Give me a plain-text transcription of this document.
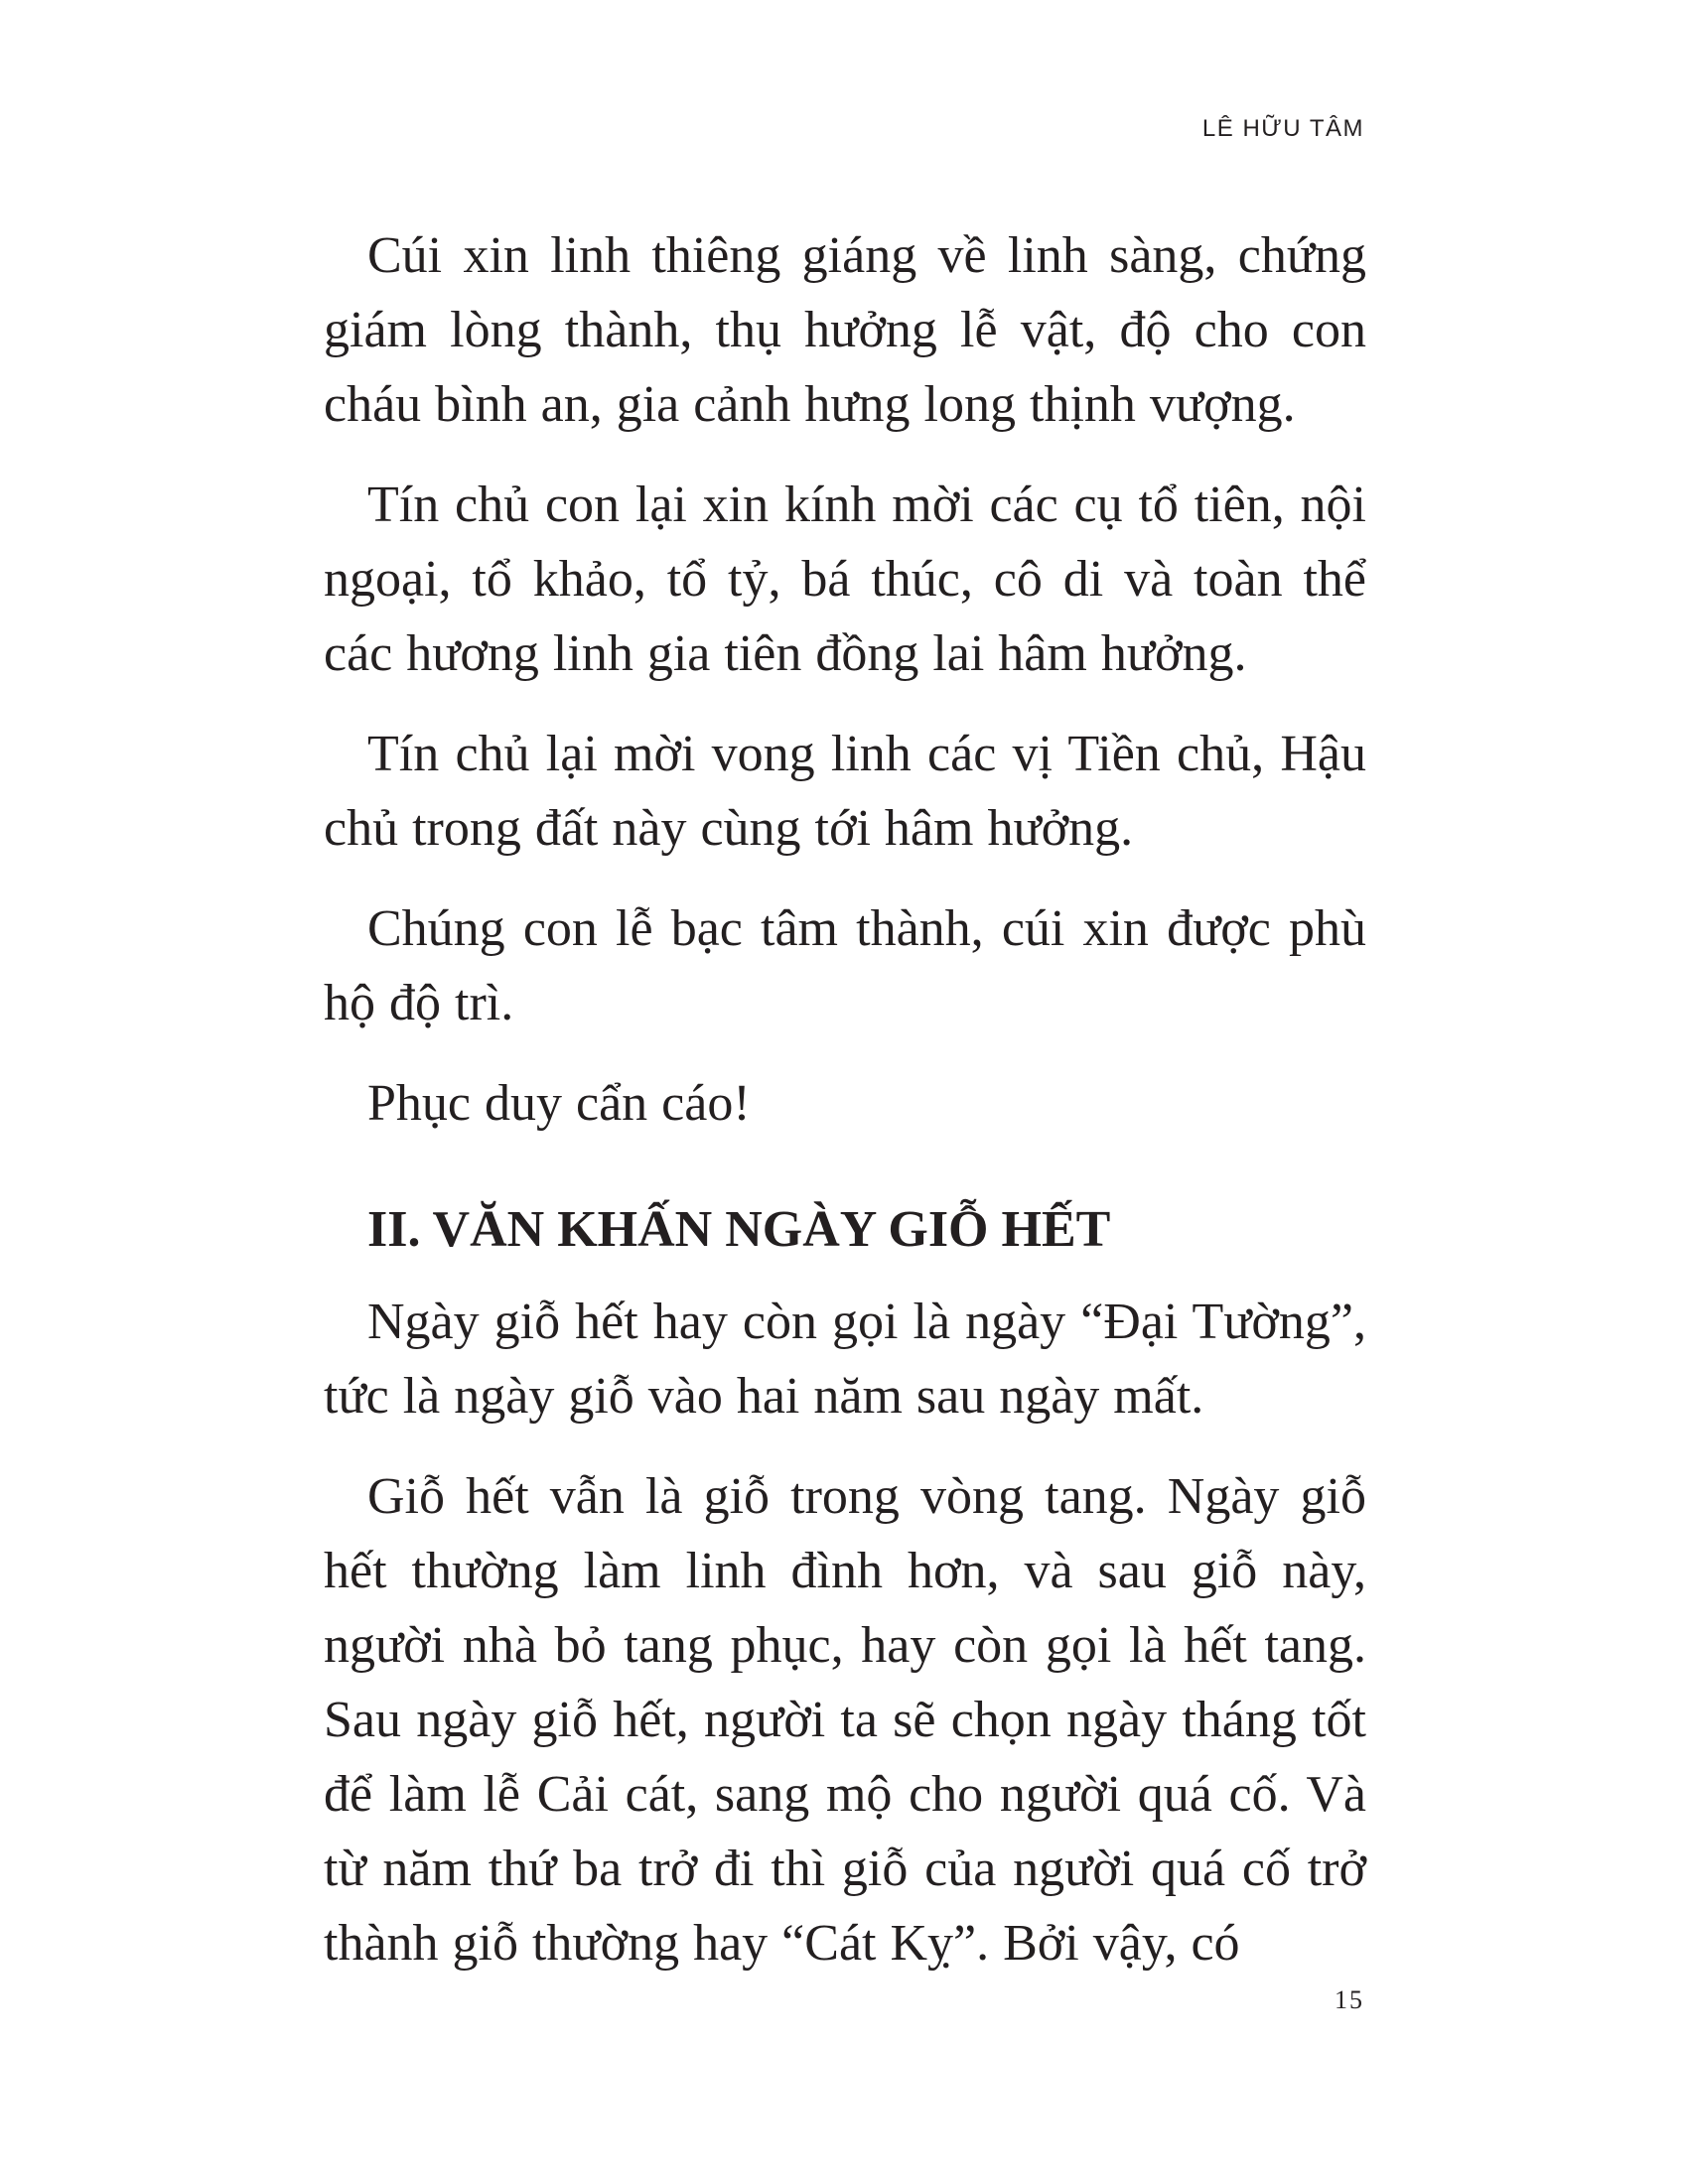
LÊ HỮU TÂM

Cúi xin linh thiêng giáng về linh sàng, chứng giám lòng thành, thụ hưởng lễ vật, độ cho con cháu bình an, gia cảnh hưng long thịnh vượng.

Tín chủ con lại xin kính mời các cụ tổ tiên, nội ngoại, tổ khảo, tổ tỷ, bá thúc, cô di và toàn thể các hương linh gia tiên đồng lai hâm hưởng.

Tín chủ lại mời vong linh các vị Tiền chủ, Hậu chủ trong đất này cùng tới hâm hưởng.

Chúng con lễ bạc tâm thành, cúi xin được phù hộ độ trì.

Phục duy cẩn cáo!

II. VĂN KHẤN NGÀY GIỖ HẾT

Ngày giỗ hết hay còn gọi là ngày “Đại Tường”, tức là ngày giỗ vào hai năm sau ngày mất.

Giỗ hết vẫn là giỗ trong vòng tang. Ngày giỗ hết thường làm linh đình hơn, và sau giỗ này, người nhà bỏ tang phục, hay còn gọi là hết tang. Sau ngày giỗ hết, người ta sẽ chọn ngày tháng tốt để làm lễ Cải cát, sang mộ cho người quá cố. Và từ năm thứ ba trở đi thì giỗ của người quá cố trở thành giỗ thường hay “Cát Kỵ”. Bởi vậy, có

15
